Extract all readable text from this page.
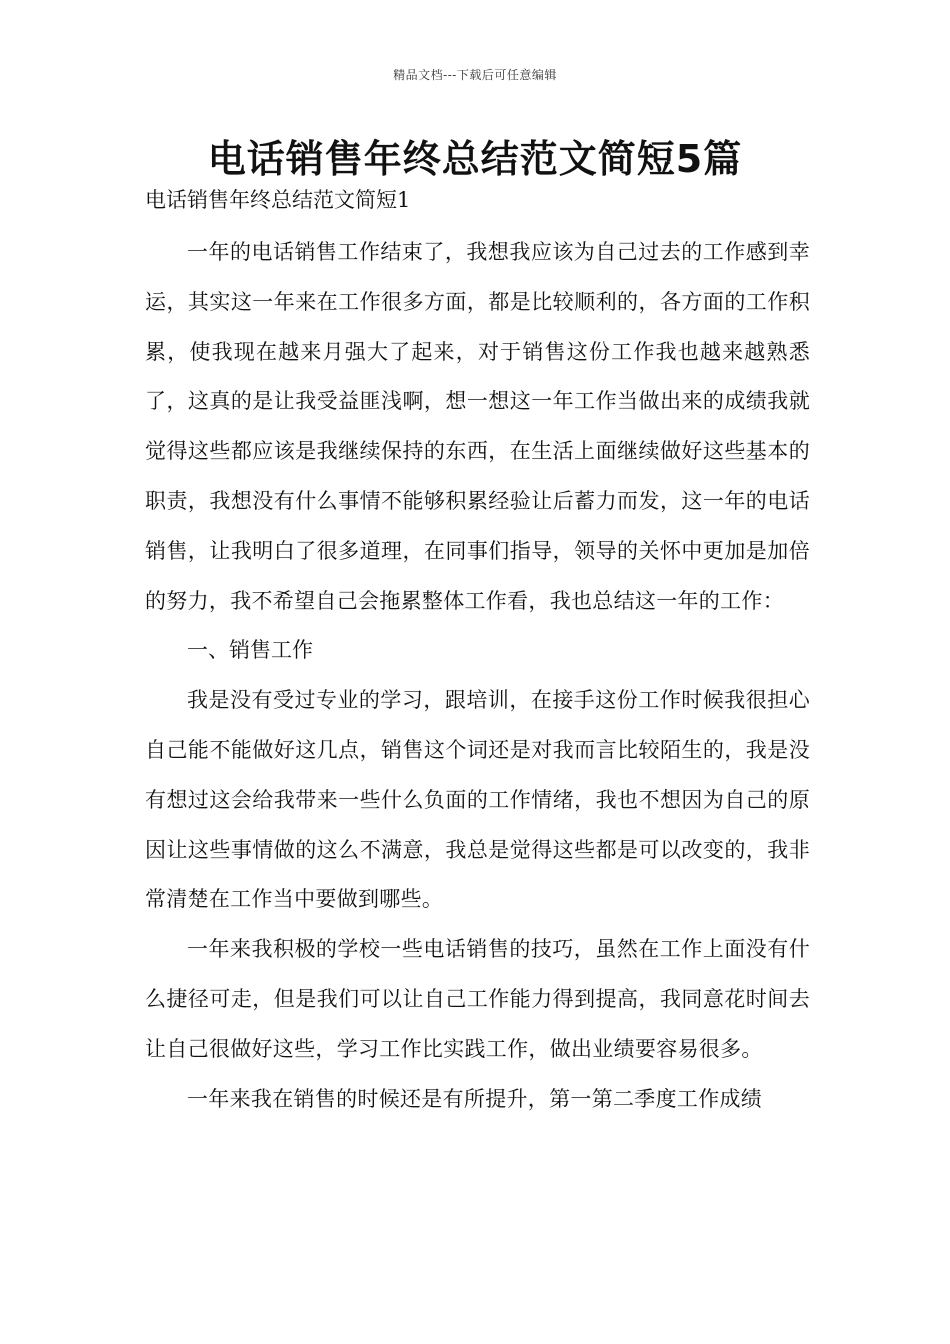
精品文档---下载后可任意编辑
电话销售年终总结范文简短5篇

电话销售年终总结范文简短1

一年的电话销售工作结束了，我想我应该为自己过去的工作感到幸运，其实这一年来在工作很多方面，都是比较顺利的，各方面的工作积累，使我现在越来月强大了起来，对于销售这份工作我也越来越熟悉了，这真的是让我受益匪浅啊，想一想这一年工作当做出来的成绩我就觉得这些都应该是我继续保持的东西，在生活上面继续做好这些基本的职责，我想没有什么事情不能够积累经验让后蓄力而发，这一年的电话销售，让我明白了很多道理，在同事们指导，领导的关怀中更加是加倍的努力，我不希望自己会拖累整体工作看，我也总结这一年的工作：

一、销售工作

我是没有受过专业的学习，跟培训，在接手这份工作时候我很担心自己能不能做好这几点，销售这个词还是对我而言比较陌生的，我是没有想过这会给我带来一些什么负面的工作情绪，我也不想因为自己的原因让这些事情做的这么不满意，我总是觉得这些都是可以改变的，我非常清楚在工作当中要做到哪些。

一年来我积极的学校一些电话销售的技巧，虽然在工作上面没有什么捷径可走，但是我们可以让自己工作能力得到提高，我同意花时间去让自己很做好这些，学习工作比实践工作，做出业绩要容易很多。

一年来我在销售的时候还是有所提升，第一第二季度工作成绩
